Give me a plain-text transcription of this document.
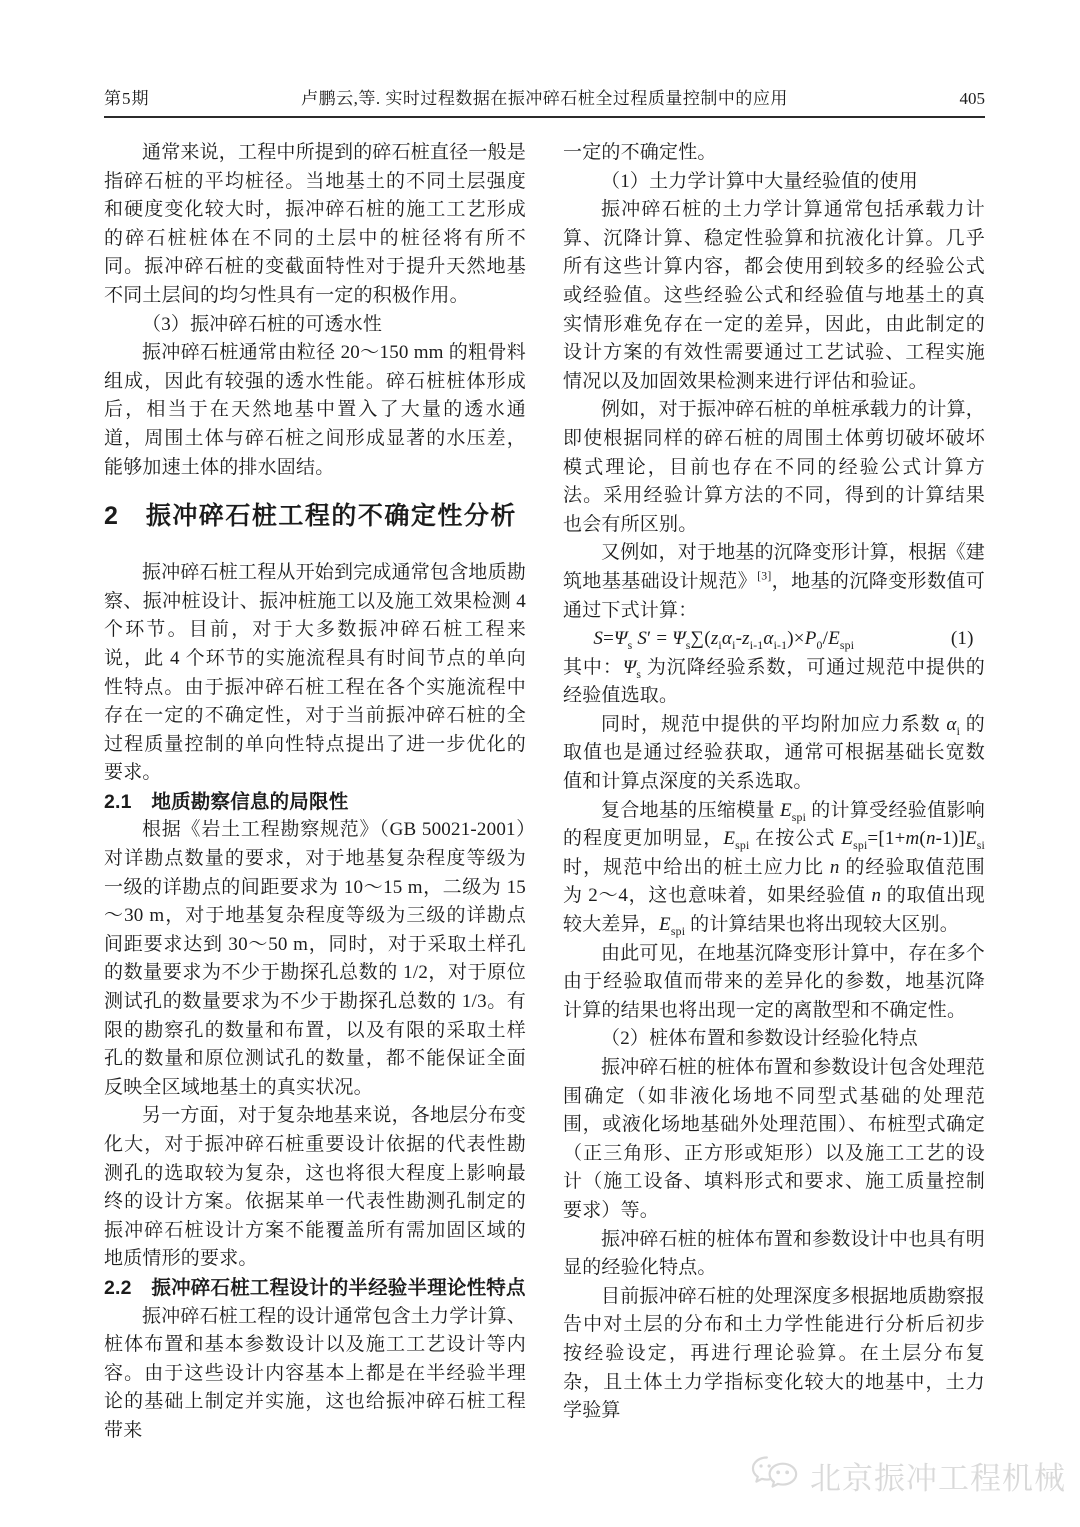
第5期	卢鹏云,等. 实时过程数据在振冲碎石桩全过程质量控制中的应用	405

通常来说，工程中所提到的碎石桩直径一般是指碎石桩的平均桩径。当地基土的不同土层强度和硬度变化较大时，振冲碎石桩的施工工艺形成的碎石桩桩体在不同的土层中的桩径将有所不同。振冲碎石桩的变截面特性对于提升天然地基不同土层间的均匀性具有一定的积极作用。

（3）振冲碎石桩的可透水性

振冲碎石桩通常由粒径 20～150 mm 的粗骨料组成，因此有较强的透水性能。碎石桩桩体形成后，相当于在天然地基中置入了大量的透水通道，周围土体与碎石桩之间形成显著的水压差，能够加速土体的排水固结。

2　振冲碎石桩工程的不确定性分析

振冲碎石桩工程从开始到完成通常包含地质勘察、振冲桩设计、振冲桩施工以及施工效果检测 4 个环节。目前，对于大多数振冲碎石桩工程来说，此 4 个环节的实施流程具有时间节点的单向性特点。由于振冲碎石桩工程在各个实施流程中存在一定的不确定性，对于当前振冲碎石桩的全过程质量控制的单向性特点提出了进一步优化的要求。

2.1　地质勘察信息的局限性

根据《岩土工程勘察规范》（GB 50021-2001）对详勘点数量的要求，对于地基复杂程度等级为一级的详勘点的间距要求为 10～15 m，二级为 15～30 m，对于地基复杂程度等级为三级的详勘点间距要求达到 30～50 m，同时，对于采取土样孔的数量要求为不少于勘探孔总数的 1/2，对于原位测试孔的数量要求为不少于勘探孔总数的 1/3。有限的勘察孔的数量和布置，以及有限的采取土样孔的数量和原位测试孔的数量，都不能保证全面反映全区域地基土的真实状况。

另一方面，对于复杂地基来说，各地层分布变化大，对于振冲碎石桩重要设计依据的代表性勘测孔的选取较为复杂，这也将很大程度上影响最终的设计方案。依据某单一代表性勘测孔制定的振冲碎石桩设计方案不能覆盖所有需加固区域的地质情形的要求。

2.2　振冲碎石桩工程设计的半经验半理论性特点

振冲碎石桩工程的设计通常包含土力学计算、桩体布置和基本参数设计以及施工工艺设计等内容。由于这些设计内容基本上都是在半经验半理论的基础上制定并实施，这也给振冲碎石桩工程带来

一定的不确定性。

（1）土力学计算中大量经验值的使用

振冲碎石桩的土力学计算通常包括承载力计算、沉降计算、稳定性验算和抗液化计算。几乎所有这些计算内容，都会使用到较多的经验公式或经验值。这些经验公式和经验值与地基土的真实情形难免存在一定的差异，因此，由此制定的设计方案的有效性需要通过工艺试验、工程实施情况以及加固效果检测来进行评估和验证。

例如，对于振冲碎石桩的单桩承载力的计算，即使根据同样的碎石桩的周围土体剪切破坏破坏模式理论，目前也存在不同的经验公式计算方法。采用经验计算方法的不同，得到的计算结果也会有所区别。

又例如，对于地基的沉降变形计算，根据《建筑地基基础设计规范》[3]，地基的沉降变形数值可通过下式计算：

$S=\Psi_s$ $S' = \Psi_s\sum(z_i\alpha_i-z_{i-1}\alpha_{i-1})\times P_0/E_{spi}$	(1)

其中：$\Psi_s$ 为沉降经验系数，可通过规范中提供的经验值选取。

同时，规范中提供的平均附加应力系数 $\alpha_i$ 的取值也是通过经验获取，通常可根据基础长宽数值和计算点深度的关系选取。

复合地基的压缩模量 $E_{spi}$ 的计算受经验值影响的程度更加明显，$E_{spi}$ 在按公式 $E_{spi}=[1+m(n-1)]E_{si}$ 时，规范中给出的桩土应力比 n 的经验取值范围为 2～4，这也意味着，如果经验值 n 的取值出现较大差异，$E_{spi}$ 的计算结果也将出现较大区别。

由此可见，在地基沉降变形计算中，存在多个由于经验取值而带来的差异化的参数，地基沉降计算的结果也将出现一定的离散型和不确定性。

（2）桩体布置和参数设计经验化特点

振冲碎石桩的桩体布置和参数设计包含处理范围确定（如非液化场地不同型式基础的处理范围，或液化场地基础外处理范围）、布桩型式确定（正三角形、正方形或矩形）以及施工工艺的设计（施工设备、填料形式和要求、施工质量控制要求）等。

振冲碎石桩的桩体布置和参数设计中也具有明显的经验化特点。

目前振冲碎石桩的处理深度多根据地质勘察报告中对土层的分布和土力学性能进行分析后初步按经验设定，再进行理论验算。在土层分布复杂，且土体土力学指标变化较大的地基中，土力学验算

北京振冲工程机械
